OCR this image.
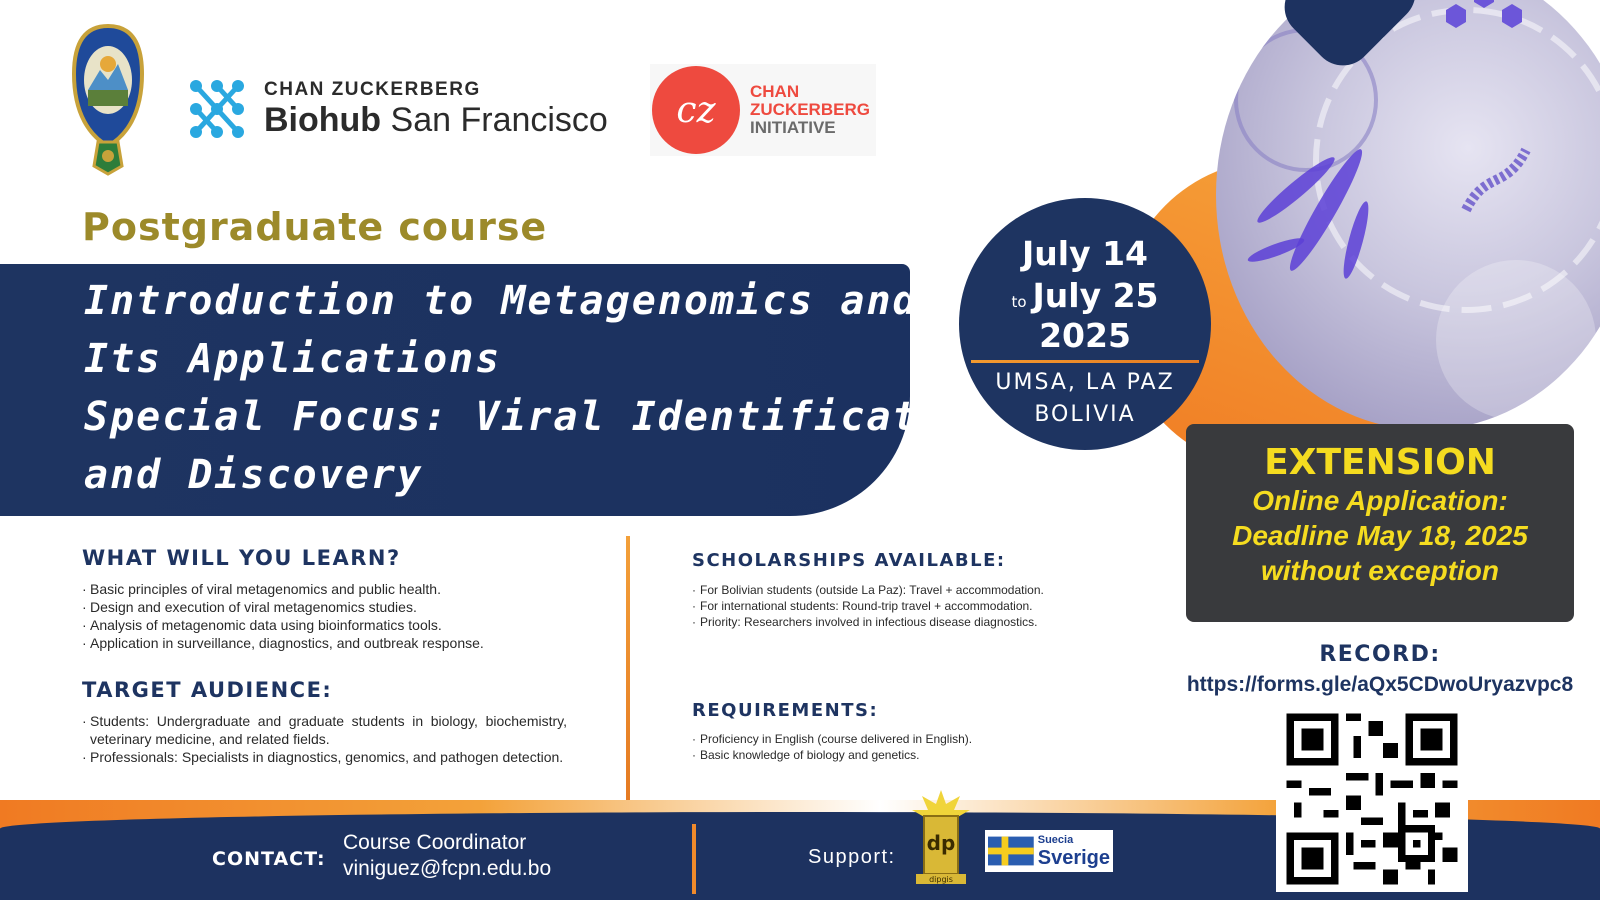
CHAN ZUCKERBERG
Biohub San Francisco cz CHAN
ZUCKERBERG
INITIATIVE
Postgraduate course
Introduction to Metagenomics and
Its Applications
Special Focus: Viral Identification
and Discovery
July 14
to July 25
2025
UMSA, LA PAZ
BOLIVIA
EXTENSION
Online Application:
Deadline May 18, 2025
without exception
RECORD:
https://forms.gle/aQx5CDwoUryazvpc8
WHAT WILL YOU LEARN?
· Basic principles of viral metagenomics and public health.
· Design and execution of viral metagenomics studies.
· Analysis of metagenomic data using bioinformatics tools.
· Application in surveillance, diagnostics, and outbreak response.
TARGET AUDIENCE:
· Students: Undergraduate and graduate students in biology, biochemistry, veterinary medicine, and related fields.
· Professionals: Specialists in diagnostics, genomics, and pathogen detection.
SCHOLARSHIPS AVAILABLE:
· For Bolivian students (outside La Paz): Travel + accommodation.
· For international students: Round-trip travel + accommodation.
· Priority: Researchers involved in infectious disease diagnostics.
REQUIREMENTS:
· Proficiency in English (course delivered in English).
· Basic knowledge of biology and genetics.
CONTACT:
Course Coordinator
viniguez@fcpn.edu.bo	Support:
dp
dipgis
Suecia
Sverige
